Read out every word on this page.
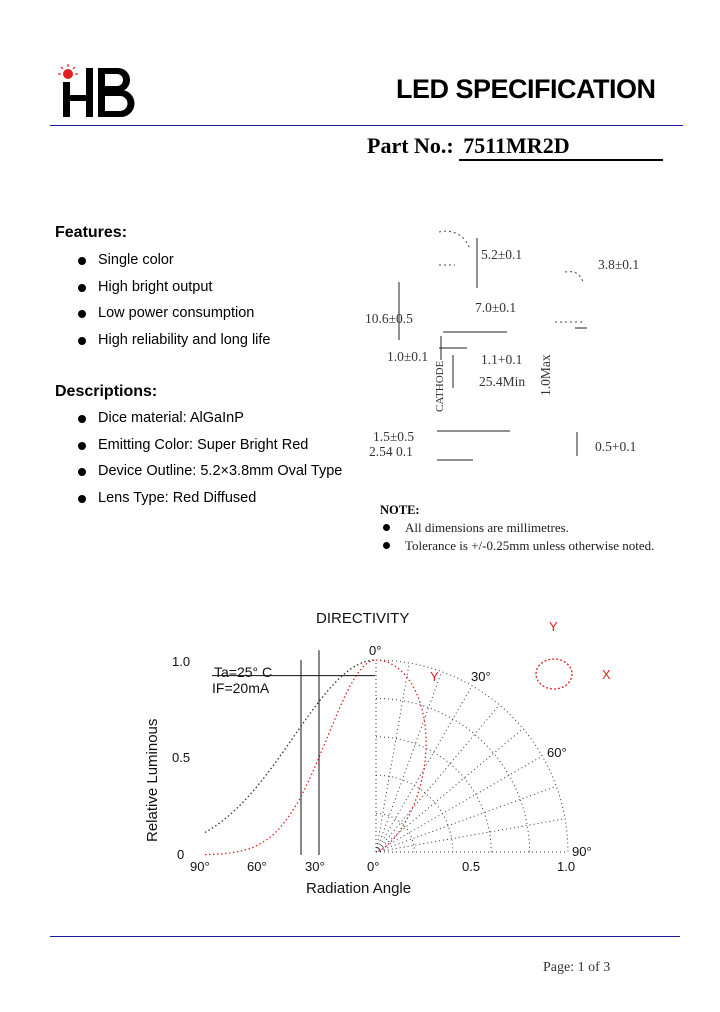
HB
LED SPECIFICATION
Part No.: 7511MR2D
Features:
Single color
High bright output
Low power consumption
High reliability and long life
Descriptions:
Dice material: AlGaInP
Emitting Color: Super Bright Red
Device Outline: 5.2×3.8mm Oval Type
Lens Type: Red Diffused
5.2±0.1
3.8±0.1
10.6±0.5
7.0±0.1
1.0±0.1	1.1+0.1
25.4Min 1.0Max
CATHODE
1.5±0.5
2.54 0.1	0.5+0.1
NOTE:
All dimensions are millimetres.
Tolerance is +/-0.25mm unless otherwise noted.
DIRECTIVITY
Relative Luminous
Radiation Angle
1.0
0.5
0
90°	60°	30°	0°	0.5	1.0
0°
30°
60°
90°
Ta=25° C
IF=20mA
Y
Y
X
Page: 1 of 3
